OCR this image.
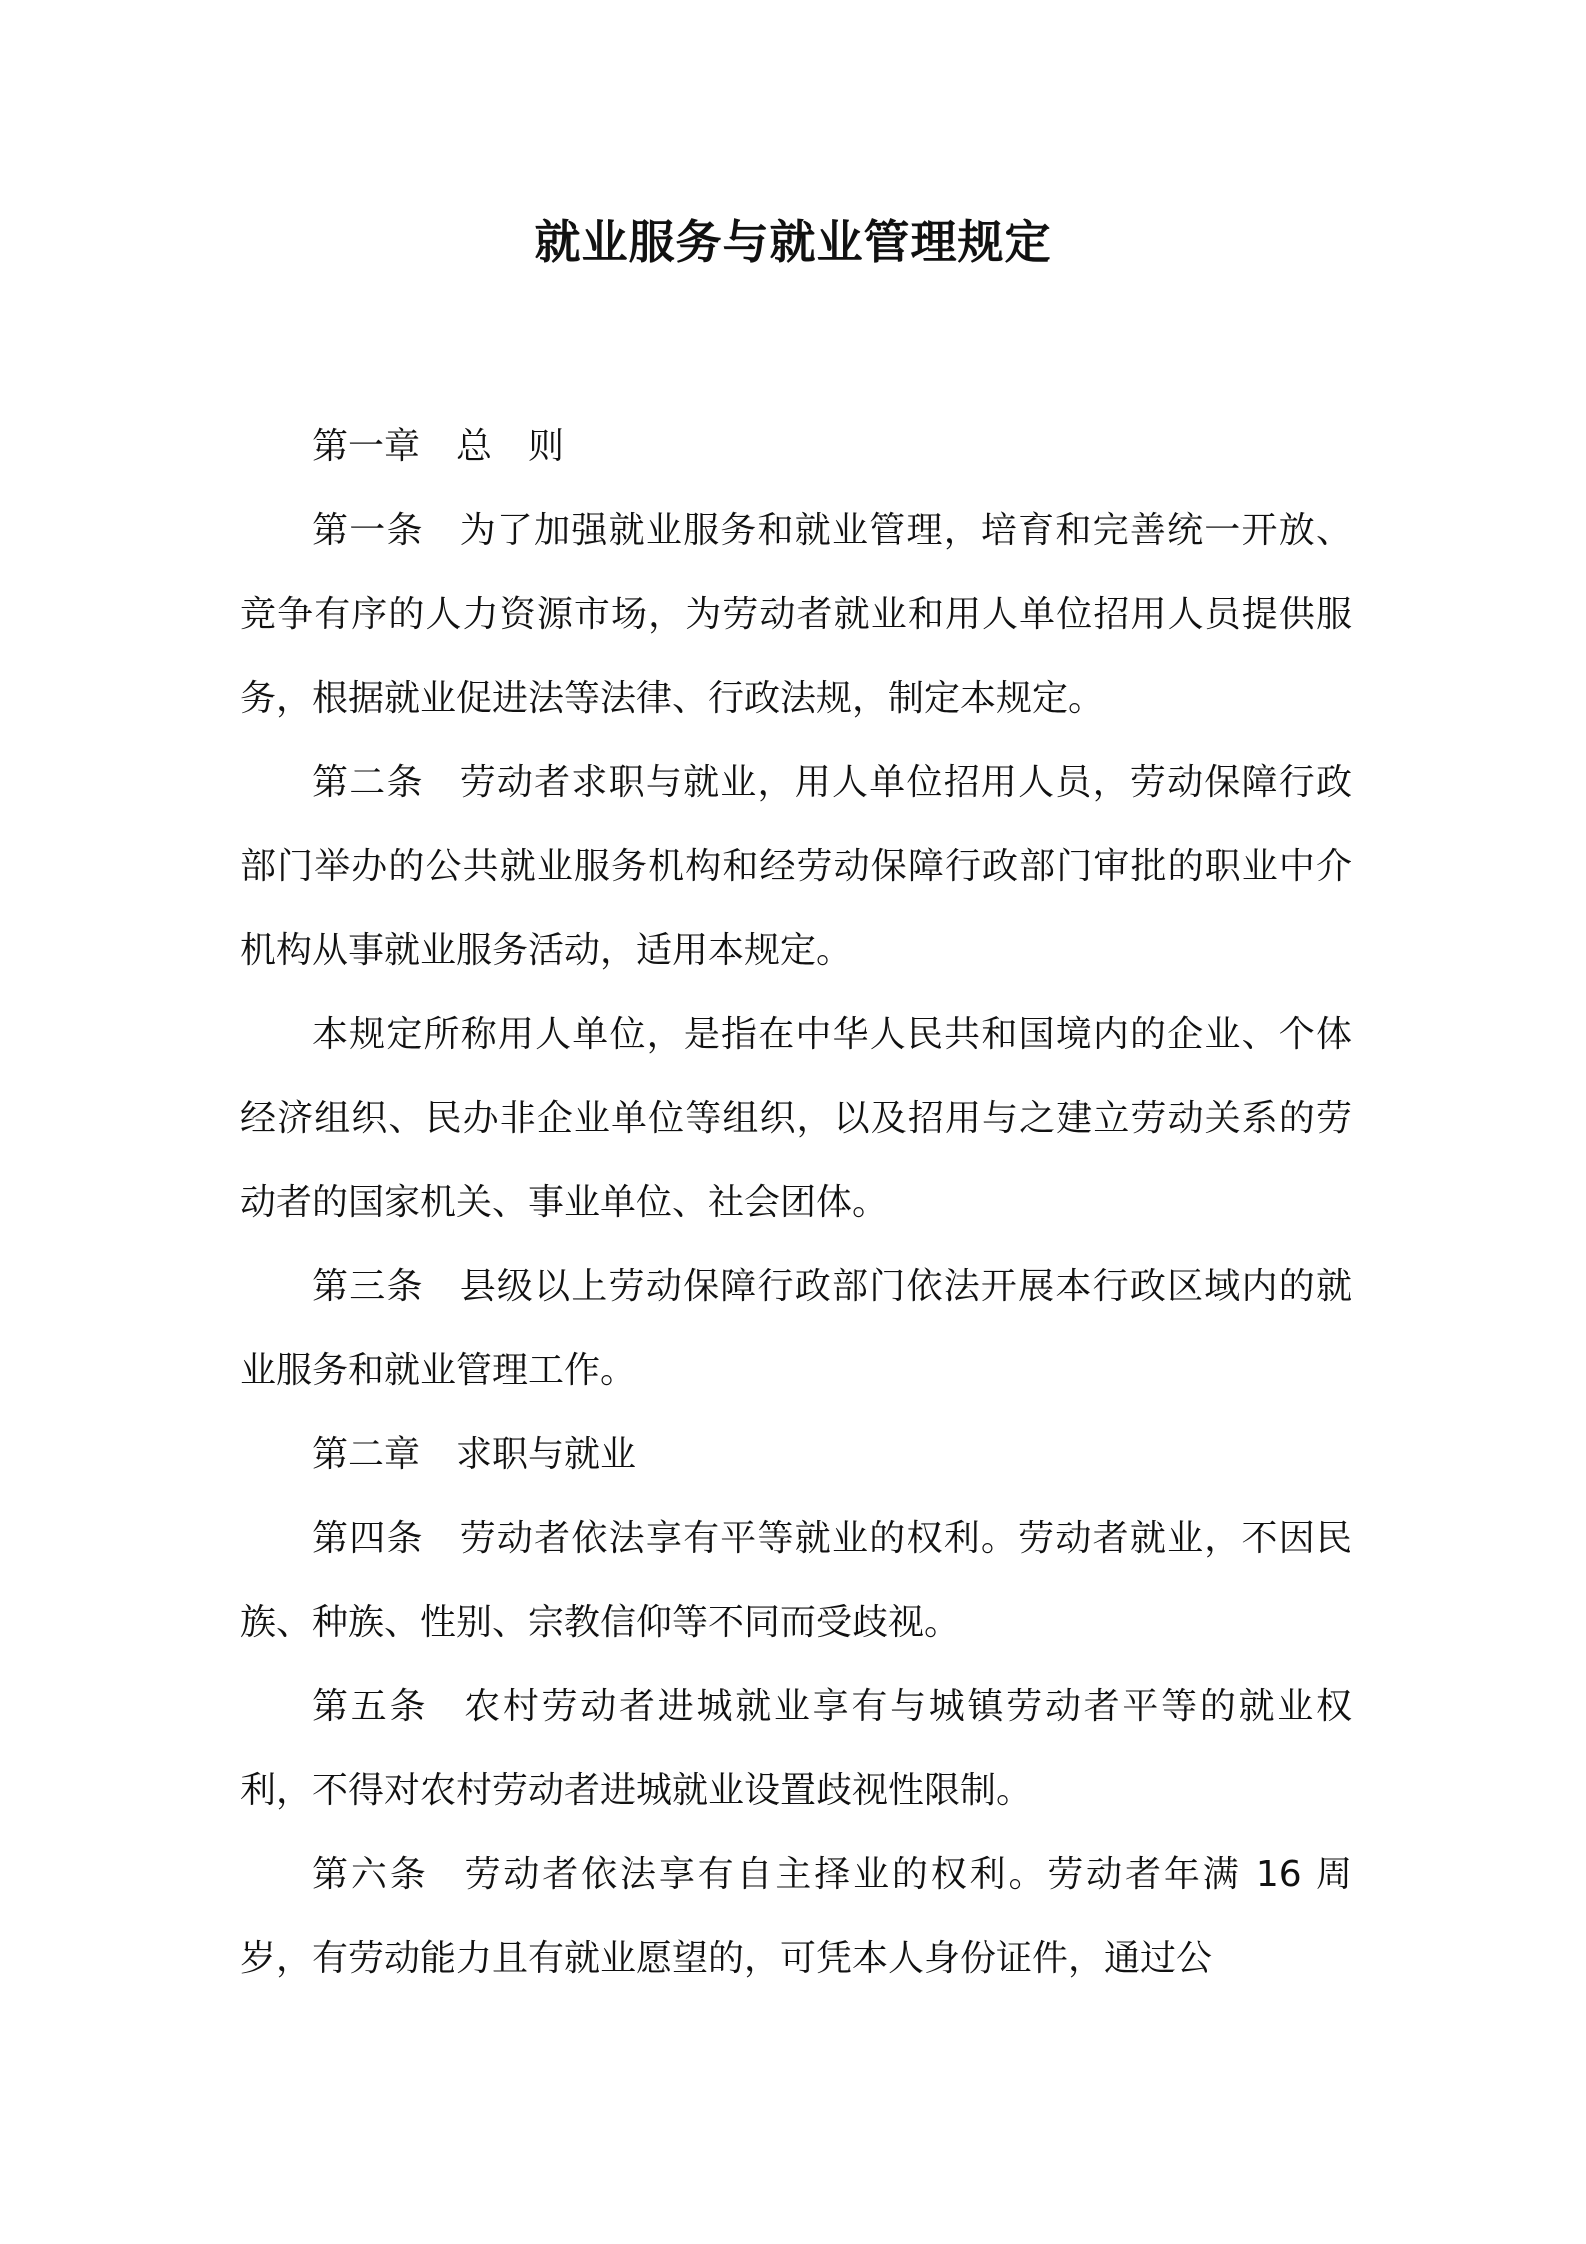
就业服务与就业管理规定

第一章 总 则

第一条 为了加强就业服务和就业管理，培育和完善统一开放、竞争有序的人力资源市场，为劳动者就业和用人单位招用人员提供服务，根据就业促进法等法律、行政法规，制定本规定。

第二条 劳动者求职与就业，用人单位招用人员，劳动保障行政部门举办的公共就业服务机构和经劳动保障行政部门审批的职业中介机构从事就业服务活动，适用本规定。

本规定所称用人单位，是指在中华人民共和国境内的企业、个体经济组织、民办非企业单位等组织，以及招用与之建立劳动关系的劳动者的国家机关、事业单位、社会团体。

第三条 县级以上劳动保障行政部门依法开展本行政区域内的就业服务和就业管理工作。

第二章 求职与就业

第四条 劳动者依法享有平等就业的权利。劳动者就业，不因民族、种族、性别、宗教信仰等不同而受歧视。

第五条 农村劳动者进城就业享有与城镇劳动者平等的就业权利，不得对农村劳动者进城就业设置歧视性限制。

第六条 劳动者依法享有自主择业的权利。劳动者年满 16 周岁，有劳动能力且有就业愿望的，可凭本人身份证件，通过公
